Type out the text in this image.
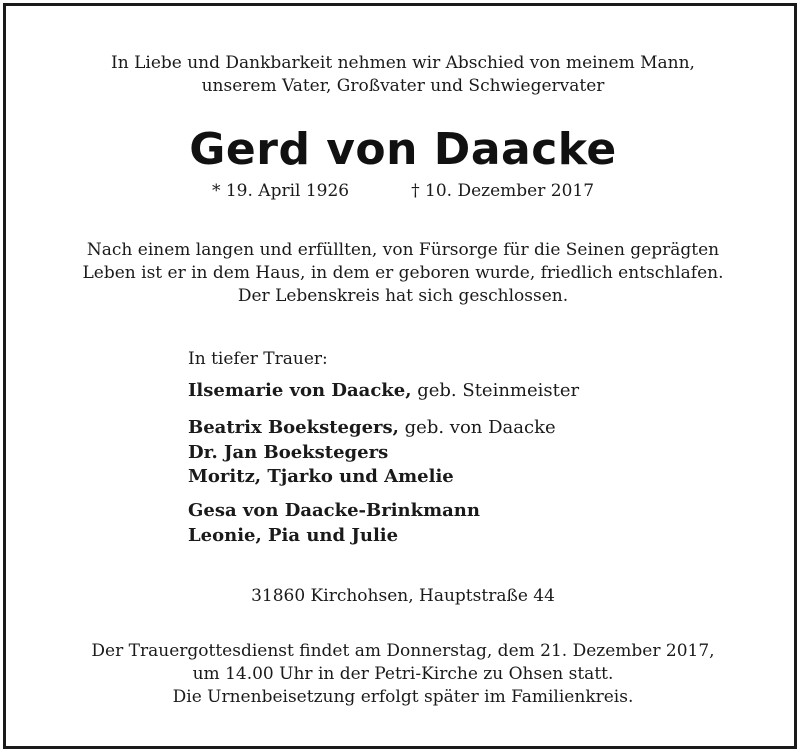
In Liebe und Dankbarkeit nehmen wir Abschied von meinem Mann,
unserem Vater, Großvater und Schwiegervater
Gerd von Daacke
* 19. April 1926	† 10. Dezember 2017
Nach einem langen und erfüllten, von Fürsorge für die Seinen geprägten
Leben ist er in dem Haus, in dem er geboren wurde, friedlich entschlafen.
Der Lebenskreis hat sich geschlossen.
In tiefer Trauer:
Ilsemarie von Daacke, geb. Steinmeister
Beatrix Boekstegers, geb. von Daacke
Dr. Jan Boekstegers
Moritz, Tjarko und Amelie
Gesa von Daacke-Brinkmann
Leonie, Pia und Julie
31860 Kirchohsen, Hauptstraße 44
Der Trauergottesdienst findet am Donnerstag, dem 21. Dezember 2017,
um 14.00 Uhr in der Petri-Kirche zu Ohsen statt.
Die Urnenbeisetzung erfolgt später im Familienkreis.
